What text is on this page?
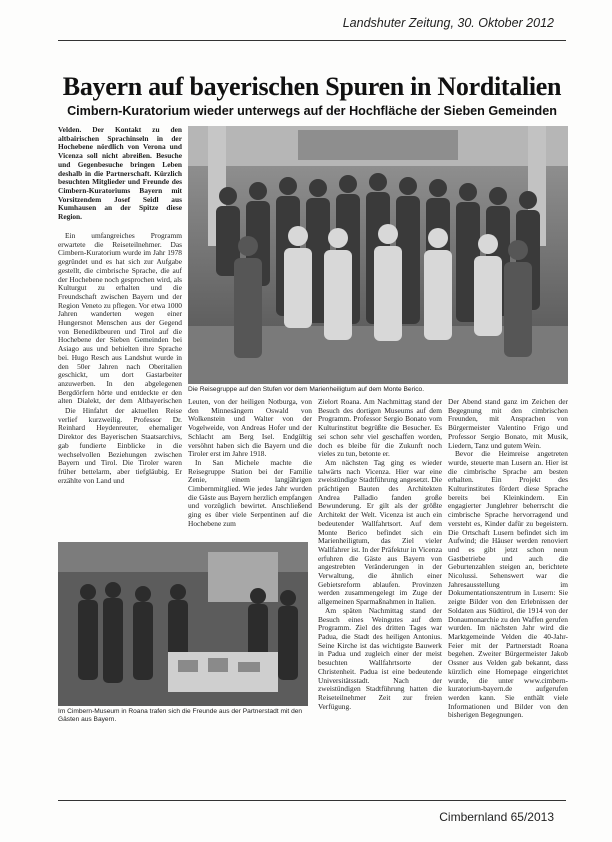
Landshuter Zeitung, 30. Oktober 2012
Bayern auf bayerischen Spuren in Norditalien
Cimbern-Kuratorium wieder unterwegs auf der Hochfläche der Sieben Gemeinden

Velden. Der Kontakt zu den altbairischen Sprachinseln in der Hochebene nördlich von Verona und Vicenza soll nicht abreißen. Besuche und Gegenbesuche bringen Leben deshalb in die Partnerschaft. Kürzlich besuchten Mitglieder und Freunde des Cimbern-Kuratoriums Bayern mit Vorsitzendem Josef Seidl aus Kumhausen an der Spitze diese Region.

Ein umfangreiches Programm erwartete die Reiseteilnehmer. Das Cimbern-Kuratorium wurde im Jahr 1978 gegründet und es hat sich zur Aufgabe gestellt, die cimbrische Sprache, die auf der Hochebene noch gesprochen wird, als Kulturgut zu erhalten und die Freundschaft zwischen Bayern und der Region Veneto zu pflegen. Vor etwa 1000 Jahren wanderten wegen einer Hungersnot Menschen aus der Gegend von Benediktbeuren und Tirol auf die Hochebene der Sieben Gemeinden bei Asiago aus und behielten ihre Sprache bei. Hugo Resch aus Landshut wurde in den 50er Jahren nach Oberitalien geschickt, um dort Gastarbeiter anzuwerben. In den abgelegenen Bergdörfern hörte und entdeckte er den alten Dialekt, der dem Altbayerischen

Die Hinfahrt der aktuellen Reise verlief kurzweilig. Professor Dr. Reinhard Heydenreuter, ehemaliger Direktor des Bayerischen Staatsarchivs, gab fundierte Einblicke in die wechselvollen Beziehungen zwischen Bayern und Tirol. Die Tiroler waren früher bettelarm, aber tiefgläubig. Er erzählte von Land und

Die Reisegruppe auf den Stufen vor dem Marienheiligtum auf dem Monte Berico.

Leuten, von der heiligen Notburga, von den Minnesängern Oswald von Wolkenstein und Walter von der Vogelweide, von Andreas Hofer und der Schlacht am Berg Isel. Endgültig versöhnt haben sich die Bayern und die Tiroler erst im Jahre 1918.

In San Michele machte die Reisegruppe Station bei der Familie Zenie, einem langjährigen Cimbernmitglied. Wie jedes Jahr wurden die Gäste aus Bayern herzlich empfangen und vorzüglich bewirtet. Anschließend ging es über viele Serpentinen auf die Hochebene zum

Zielort Roana. Am Nachmittag stand der Besuch des dortigen Museums auf dem Programm. Professor Sergio Bonato vom Kulturinstitut begrüßte die Besucher. Es sei schon sehr viel geschaffen worden, doch es bleibe für die Zukunft noch vieles zu tun, betonte er.

Am nächsten Tag ging es wieder talwärts nach Vicenza. Hier war eine zweistündige Stadtführung angesetzt. Die prächtigen Bauten des Architekten Andrea Palladio fanden große Bewunderung. Er gilt als der größte Architekt der Welt. Vicenza ist auch ein bedeutender Wallfahrtsort. Auf dem Monte Berico befindet sich ein Marienheiligtum, das Ziel vieler Wallfahrer ist. In der Präfektur in Vicenza erfuhren die Gäste aus Bayern von angestrebten Veränderungen in der Verwaltung, die ähnlich einer Gebietsreform ablaufen. Provinzen werden zusammengelegt im Zuge der allgemeinen Sparmaßnahmen in Italien.

Am späten Nachmittag stand der Besuch eines Weingutes auf dem Programm. Ziel des dritten Tages war Padua, die Stadt des heiligen Antonius. Seine Kirche ist das wichtigste Bauwerk in Padua und zugleich einer der meist besuchten Wallfahrtsorte der Christenheit. Padua ist eine bedeutende Universitätsstadt. Nach der zweistündigen Stadtführung hatten die Reiseteilnehmer Zeit zur freien Verfügung.

Der Abend stand ganz im Zeichen der Begegnung mit den cimbrischen Freunden, mit Ansprachen von Bürgermeister Valentino Frigo und Professor Sergio Bonato, mit Musik, Liedern, Tanz und gutem Wein.

Bevor die Heimreise angetreten wurde, steuerte man Lusern an. Hier ist die cimbrische Sprache am besten erhalten. Ein Projekt des Kulturinstitutes fördert diese Sprache bereits bei Kleinkindern. Ein engagierter Junglehrer beherrscht die cimbrische Sprache hervorragend und versteht es, Kinder dafür zu begeistern. Die Ortschaft Lusern befindet sich im Aufwind; die Häuser werden renoviert und es gibt jetzt schon neun Gastbetriebe und auch die Geburtenzahlen steigen an, berichtete Nicolussi. Sehenswert war die Jahresausstellung im Dokumentationszentrum in Lusern: Sie zeigte Bilder von den Erlebnissen der Soldaten aus Südtirol, die 1914 von der Donaumonarchie zu den Waffen gerufen wurden. Im nächsten Jahr wird die Marktgemeinde Velden die 40-Jahr-Feier mit der Partnerstadt Roana begehen. Zweiter Bürgermeister Jakob Ossner aus Velden gab bekannt, dass kürzlich eine Homepage eingerichtet wurde, die unter www.cimbern-kuratorium-bayern.de aufgerufen werden kann. Sie enthält viele Informationen und Bilder von den bisherigen Begegnungen.

Im Cimbern-Museum in Roana trafen sich die Freunde aus der Partnerstadt mit den Gästen aus Bayern.
Cimbernland 65/2013
